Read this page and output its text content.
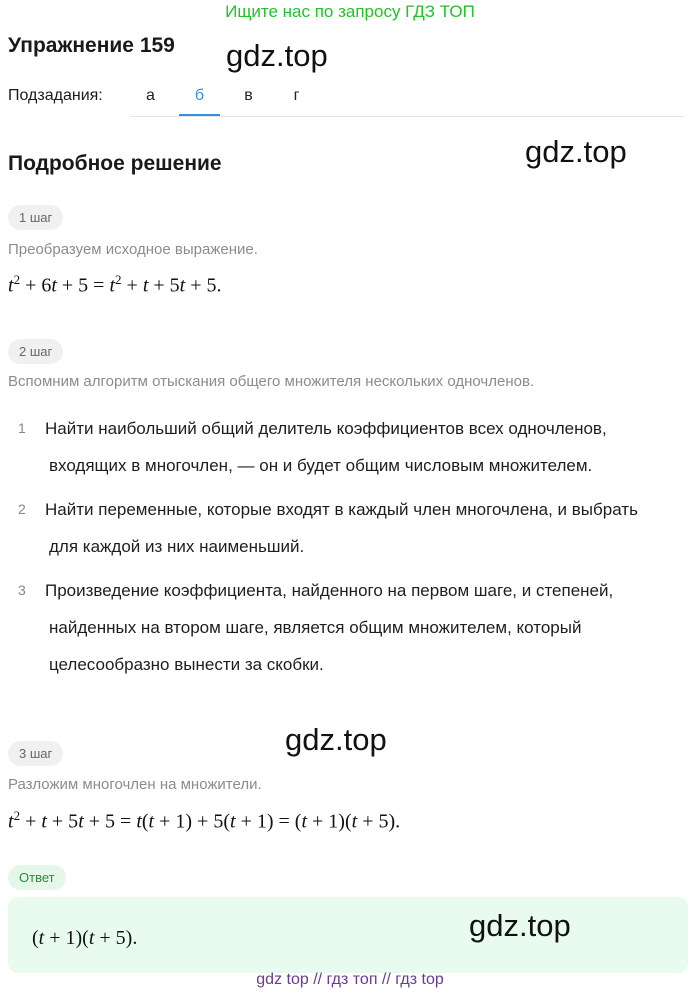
Ищите нас по запросу ГДЗ ТОП
Упражнение 159 gdz.top
Подзадания:	а	б	в	г
Подробное решение	gdz.top
1 шаг
Преобразуем исходное выражение.
$t^2 + 6t + 5 = t^2 + t + 5t + 5$.
2 шаг
Вспомним алгоритм отыскания общего множителя нескольких одночленов.
1 Найти наибольший общий делитель коэффициентов всех одночленов,
входящих в многочлен, — он и будет общим числовым множителем.
2 Найти переменные, которые входят в каждый член многочлена, и выбрать
для каждой из них наименьший.
3 Произведение коэффициента, найденного на первом шаге, и степеней,
найденных на втором шаге, является общим множителем, который
целесообразно вынести за скобки.
gdz.top
3 шаг
Разложим многочлен на множители.
$t^2 + t + 5t + 5 = t(t + 1) + 5(t + 1) = (t + 1)(t + 5)$.
Ответ
(t + 1)(t + 5).	gdz.top
gdz top // гдз топ // гдз top
